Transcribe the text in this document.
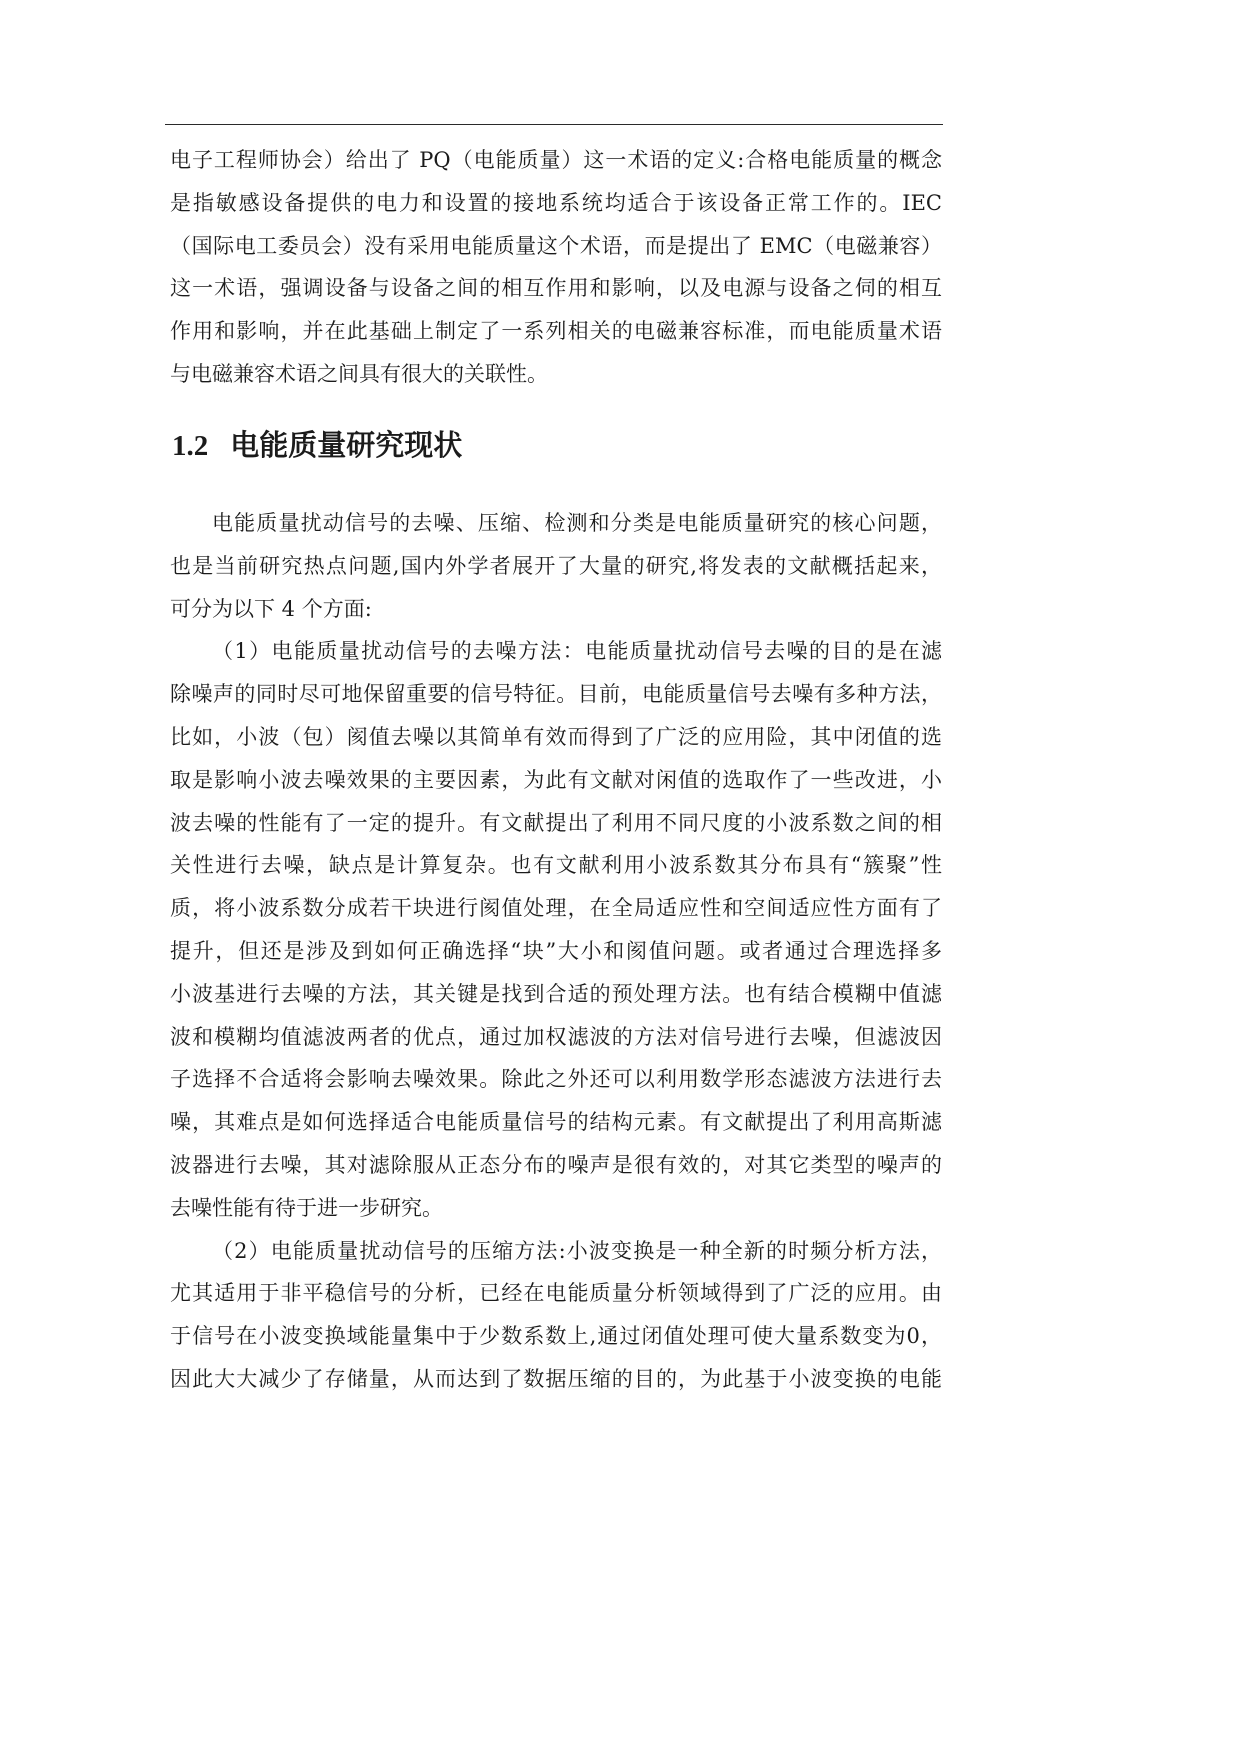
电子工程师协会）给出了 PQ（电能质量）这一术语的定义:合格电能质量的概念
是指敏感设备提供的电力和设置的接地系统均适合于该设备正常工作的。IEC
（国际电工委员会）没有采用电能质量这个术语，而是提出了 EMC（电磁兼容）
这一术语，强调设备与设备之间的相互作用和影响，以及电源与设备之伺的相互
作用和影响，并在此基础上制定了一系列相关的电磁兼容标准，而电能质量术语
与电磁兼容术语之间具有很大的关联性。
1.2 电能质量研究现状
电能质量扰动信号的去噪、压缩、检测和分类是电能质量研究的核心问题，
也是当前研究热点问题,国内外学者展开了大量的研究,将发表的文献概括起来，
可分为以下 4 个方面:
（1）电能质量扰动信号的去噪方法：电能质量扰动信号去噪的目的是在滤
除噪声的同时尽可地保留重要的信号特征。目前，电能质量信号去噪有多种方法，
比如，小波（包）阂值去噪以其简单有效而得到了广泛的应用险，其中闭值的选
取是影响小波去噪效果的主要因素，为此有文献对闲值的选取作了一些改进，小
波去噪的性能有了一定的提升。有文献提出了利用不同尺度的小波系数之间的相
关性进行去噪，缺点是计算复杂。也有文献利用小波系数其分布具有“簇聚”性
质，将小波系数分成若干块进行阂值处理，在全局适应性和空间适应性方面有了
提升，但还是涉及到如何正确选择“块”大小和阂值问题。或者通过合理选择多
小波基进行去噪的方法，其关键是找到合适的预处理方法。也有结合模糊中值滤
波和模糊均值滤波两者的优点，通过加权滤波的方法对信号进行去噪，但滤波因
子选择不合适将会影响去噪效果。除此之外还可以利用数学形态滤波方法进行去
噪，其难点是如何选择适合电能质量信号的结构元素。有文献提出了利用高斯滤
波器进行去噪，其对滤除服从正态分布的噪声是很有效的，对其它类型的噪声的
去噪性能有待于进一步研究。
（2）电能质量扰动信号的压缩方法:小波变换是一种全新的时频分析方法，
尤其适用于非平稳信号的分析，已经在电能质量分析领域得到了广泛的应用。由
于信号在小波变换域能量集中于少数系数上,通过闭值处理可使大量系数变为0，
因此大大减少了存储量，从而达到了数据压缩的目的，为此基于小波变换的电能
